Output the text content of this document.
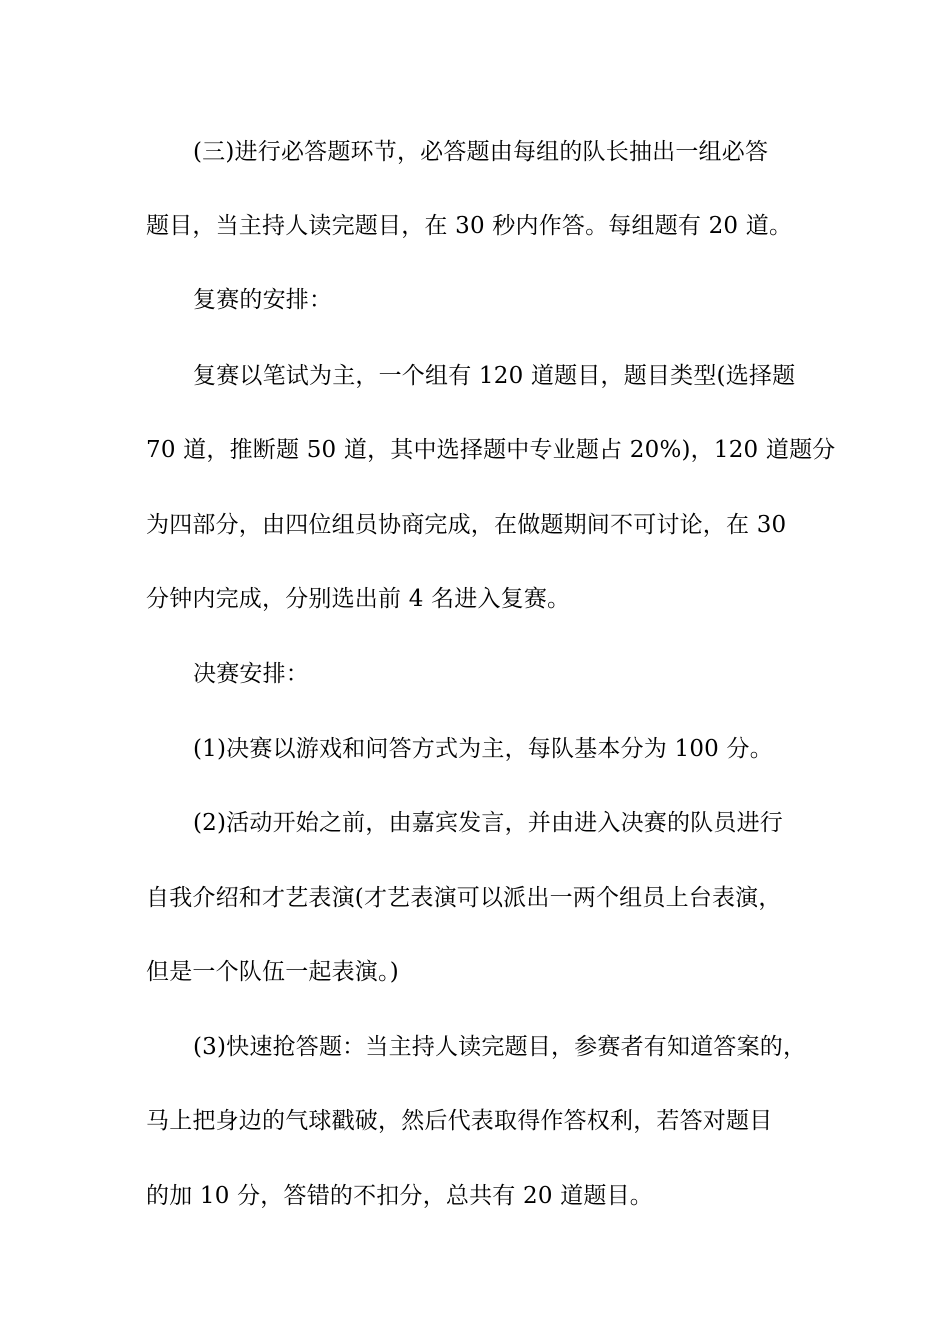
(三)进行必答题环节，必答题由每组的队长抽出一组必答
题目，当主持人读完题目，在 30 秒内作答。每组题有 20 道。
复赛的安排：
复赛以笔试为主，一个组有 120 道题目，题目类型(选择题
70 道，推断题 50 道，其中选择题中专业题占 20%)，120 道题分
为四部分，由四位组员协商完成，在做题期间不可讨论，在 30
分钟内完成，分别选出前 4 名进入复赛。
决赛安排：
(1)决赛以游戏和问答方式为主，每队基本分为 100 分。
(2)活动开始之前，由嘉宾发言，并由进入决赛的队员进行
自我介绍和才艺表演(才艺表演可以派出一两个组员上台表演，
但是一个队伍一起表演。)
(3)快速抢答题：当主持人读完题目，参赛者有知道答案的，
马上把身边的气球戳破，然后代表取得作答权利，若答对题目
的加 10 分，答错的不扣分，总共有 20 道题目。
